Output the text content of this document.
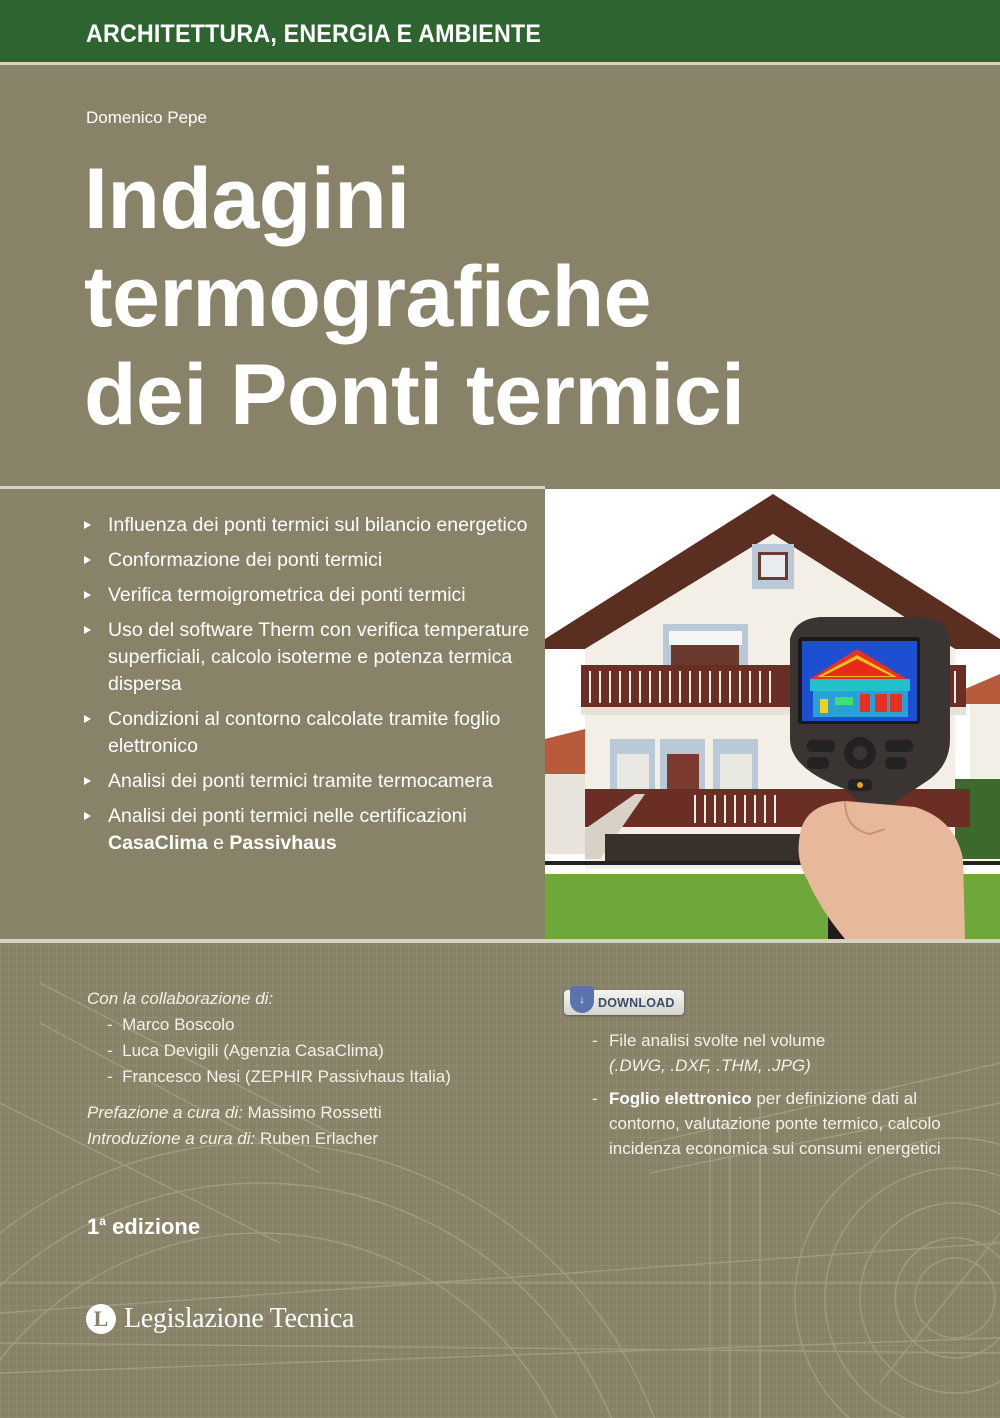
ARCHITETTURA, ENERGIA E AMBIENTE
Domenico Pepe
Indagini
termografiche
dei Ponti termici
Influenza dei ponti termici sul bilancio energetico
Conformazione dei ponti termici
Verifica termoigrometrica dei ponti termici
Uso del software Therm con verifica temperature superficiali, calcolo isoterme e potenza termica dispersa
Condizioni al contorno calcolate tramite foglio elettronico
Analisi dei ponti termici tramite termocamera
Analisi dei ponti termici nelle certificazioni CasaClima e Passivhaus
Con la collaborazione di:
- Marco Boscolo
- Luca Devigili (Agenzia CasaClima)
- Francesco Nesi (ZEPHIR Passivhaus Italia)
Prefazione a cura di: Massimo Rossetti
Introduzione a cura di: Ruben Erlacher
1$^a$ edizione
L Legislazione Tecnica
↓	DOWNLOAD
- File analisi svolte nel volume
(.DWG, .DXF, .THM, .JPG)
- Foglio elettronico per definizione dati al contorno, valutazione ponte termico, calcolo incidenza economica sui consumi energetici
